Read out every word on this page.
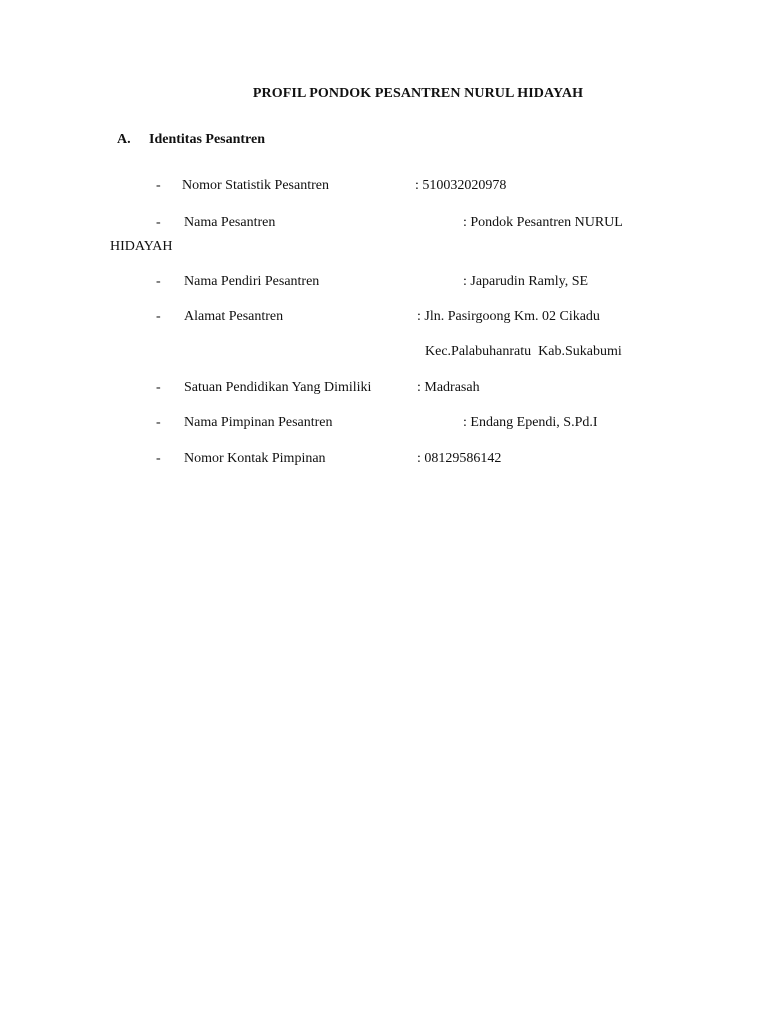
PROFIL PONDOK PESANTREN NURUL HIDAYAH
A. Identitas Pesantren
- Nomor Statistik Pesantren	: 510032020978
- Nama Pesantren	: Pondok Pesantren NURUL
HIDAYAH
- Nama Pendiri Pesantren	: Japarudin Ramly, SE
- Alamat Pesantren	: Jln. Pasirgoong Km. 02 Cikadu
Kec.Palabuhanratu  Kab.Sukabumi
- Satuan Pendidikan Yang Dimiliki	: Madrasah
- Nama Pimpinan Pesantren	: Endang Ependi, S.Pd.I
- Nomor Kontak Pimpinan	: 08129586142
